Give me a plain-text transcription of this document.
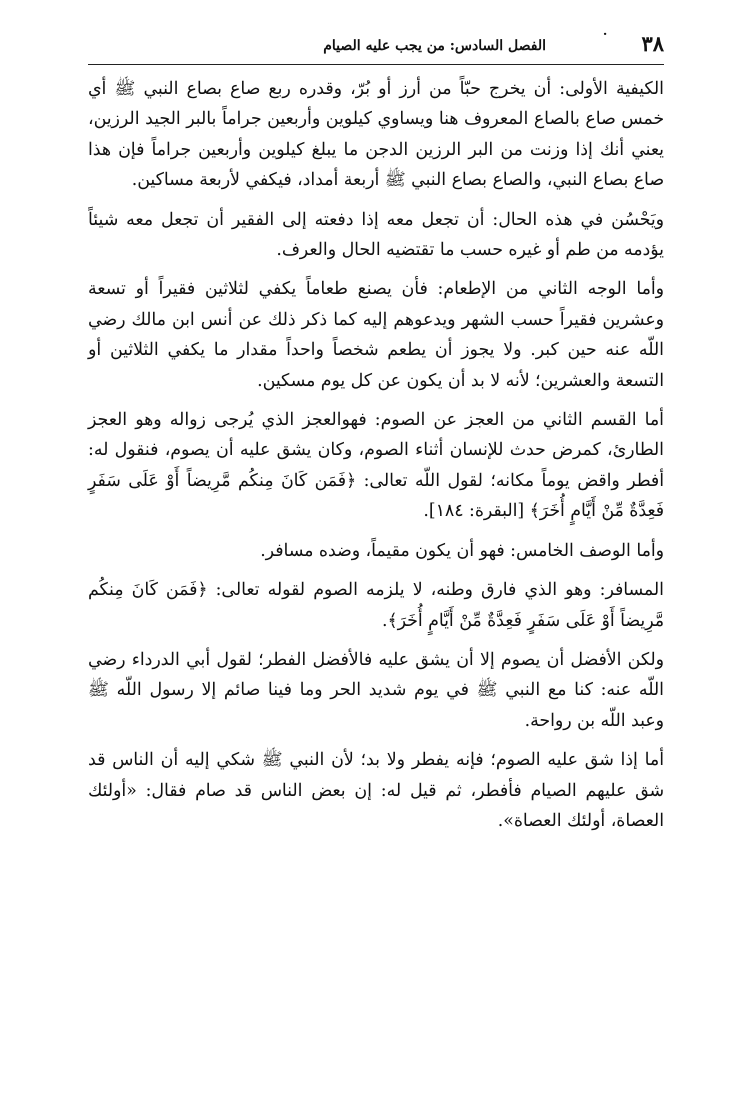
٣٨
·
الفصل السادس: من يجب عليه الصيام

الكيفية الأولى: أن يخرج حبّاً من أرز أو بُرّ، وقدره ربع صاع بصاع النبي ﷺ أي خمس صاع بالصاع المعروف هنا ويساوي كيلوين وأربعين جراماً بالبر الجيد الرزين، يعني أنك إذا وزنت من البر الرزين الدجن ما يبلغ كيلوين وأربعين جراماً فإن هذا صاع بصاع النبي، والصاع بصاع النبي ﷺ أربعة أمداد، فيكفي لأربعة مساكين.

ويَحْسُن في هذه الحال: أن تجعل معه إذا دفعته إلى الفقير أن تجعل معه شيئاً يؤدمه من طم أو غيره حسب ما تقتضيه الحال والعرف.

وأما الوجه الثاني من الإطعام: فأن يصنع طعاماً يكفي لثلاثين فقيراً أو تسعة وعشرين فقيراً حسب الشهر ويدعوهم إليه كما ذكر ذلك عن أنس ابن مالك رضي اللّه عنه حين كبر. ولا يجوز أن يطعم شخصاً واحداً مقدار ما يكفي الثلاثين أو التسعة والعشرين؛ لأنه لا بد أن يكون عن كل يوم مسكين.

أما القسم الثاني من العجز عن الصوم: فهوالعجز الذي يُرجى زواله وهو العجز الطارئ، كمرض حدث للإنسان أثناء الصوم، وكان يشق عليه أن يصوم، فنقول له: أفطر واقض يوماً مكانه؛ لقول اللّه تعالى: ﴿فَمَن كَانَ مِنكُم مَّرِيضاً أَوْ عَلَى سَفَرٍ فَعِدَّةٌ مِّنْ أَيَّامٍ أُخَرَ﴾ [البقرة: ١٨٤].

وأما الوصف الخامس: فهو أن يكون مقيماً، وضده مسافر.

المسافر: وهو الذي فارق وطنه، لا يلزمه الصوم لقوله تعالى: ﴿فَمَن كَانَ مِنكُم مَّرِيضاً أَوْ عَلَى سَفَرٍ فَعِدَّةٌ مِّنْ أَيَّامٍ أُخَرَ﴾.

ولكن الأفضل أن يصوم إلا أن يشق عليه فالأفضل الفطر؛ لقول أبي الدرداء رضي اللّه عنه: كنا مع النبي ﷺ في يوم شديد الحر وما فينا صائم إلا رسول اللّه ﷺ وعبد اللّه بن رواحة.

أما إذا شق عليه الصوم؛ فإنه يفطر ولا بد؛ لأن النبي ﷺ شكي إليه أن الناس قد شق عليهم الصيام فأفطر، ثم قيل له: إن بعض الناس قد صام فقال: «أولئك العصاة، أولئك العصاة».
